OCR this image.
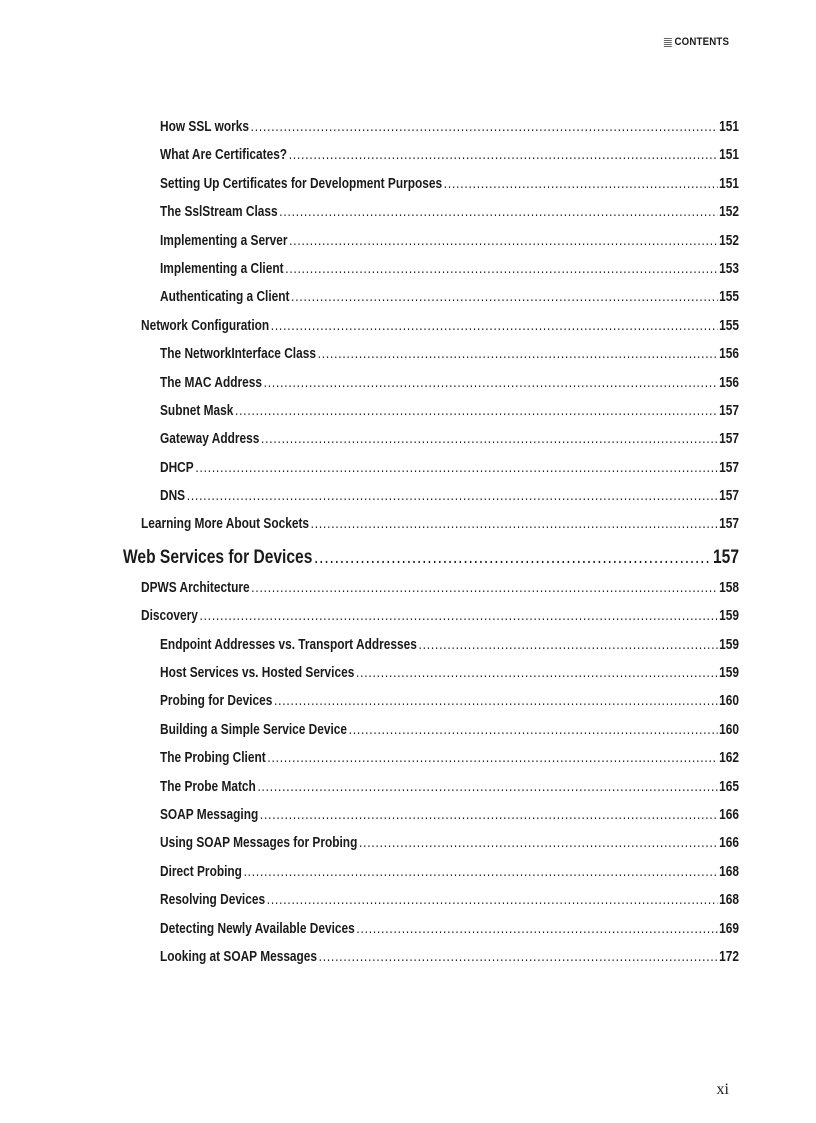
CONTENTS
How SSL works .....	151
What Are Certificates? .....	151
Setting Up Certificates for Development Purposes .....	151
The SslStream Class .....	152
Implementing a Server .....	152
Implementing a Client .....	153
Authenticating a Client .....	155
Network Configuration .....	155
The NetworkInterface Class .....	156
The MAC Address .....	156
Subnet Mask .....	157
Gateway Address .....	157
DHCP .....	157
DNS .....	157
Learning More About Sockets .....	157
Web Services for Devices .....	157
DPWS Architecture .....	158
Discovery .....	159
Endpoint Addresses vs. Transport Addresses .....	159
Host Services vs. Hosted Services .....	159
Probing for Devices .....	160
Building a Simple Service Device .....	160
The Probing Client .....	162
The Probe Match .....	165
SOAP Messaging .....	166
Using SOAP Messages for Probing .....	166
Direct Probing .....	168
Resolving Devices .....	168
Detecting Newly Available Devices .....	169
Looking at SOAP Messages .....	172
xi
